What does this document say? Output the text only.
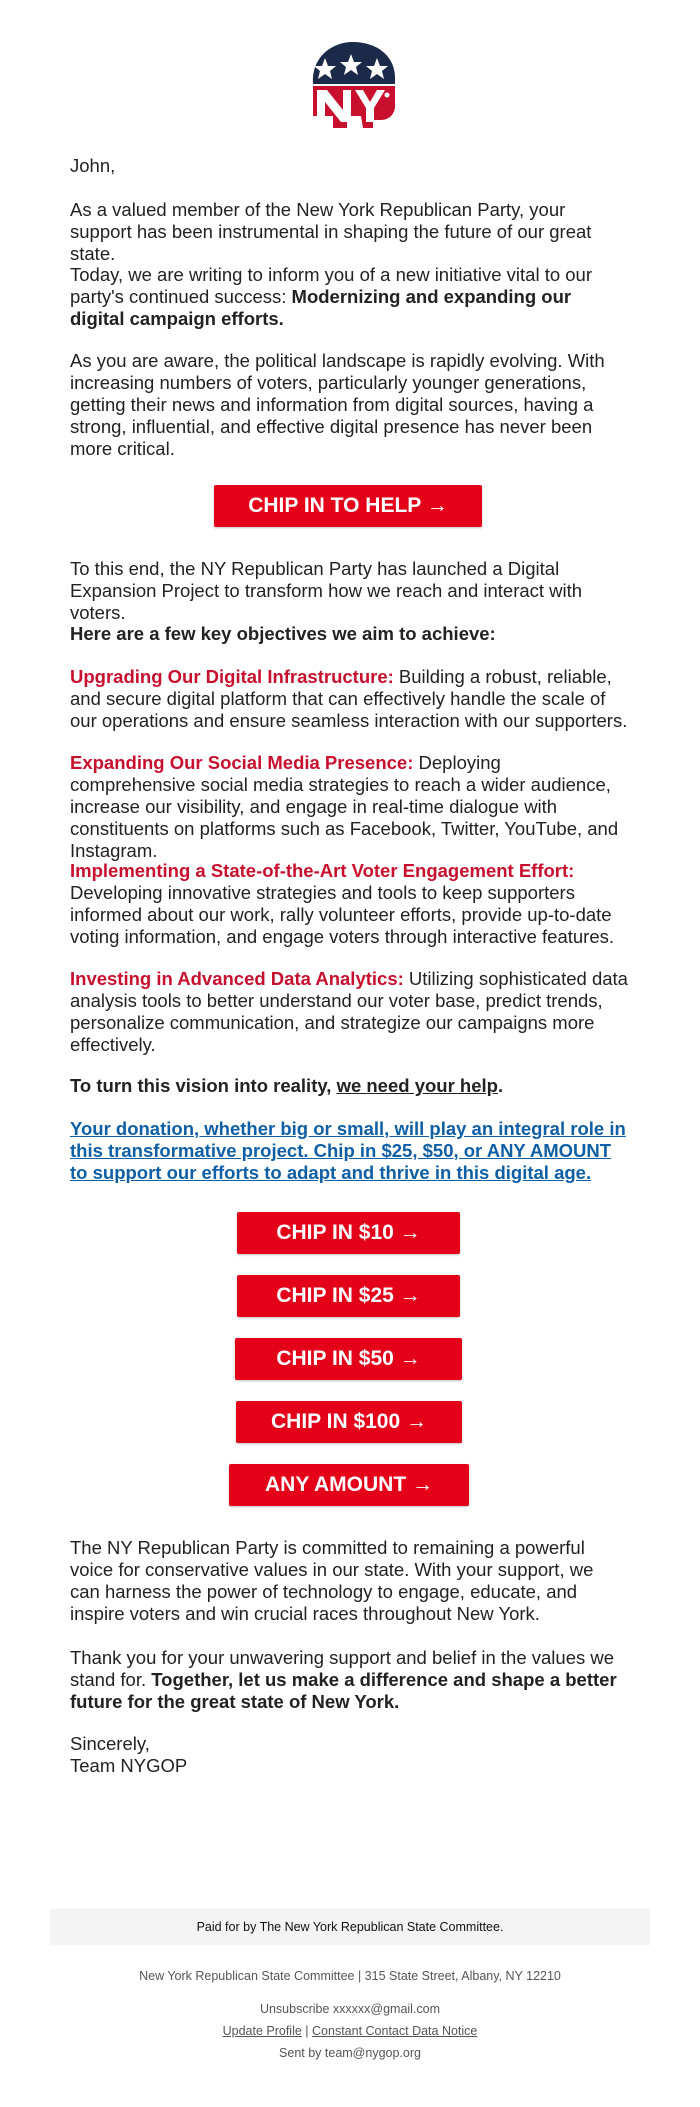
John,

As a valued member of the New York Republican Party, your support has been instrumental in shaping the future of our great state.

Today, we are writing to inform you of a new initiative vital to our party's continued success: Modernizing and expanding our digital campaign efforts.

As you are aware, the political landscape is rapidly evolving. With increasing numbers of voters, particularly younger generations, getting their news and information from digital sources, having a strong, influential, and effective digital presence has never been more critical.

CHIP IN TO HELP →

To this end, the NY Republican Party has launched a Digital Expansion Project to transform how we reach and interact with voters.

Here are a few key objectives we aim to achieve:

Upgrading Our Digital Infrastructure: Building a robust, reliable, and secure digital platform that can effectively handle the scale of our operations and ensure seamless interaction with our supporters.

Expanding Our Social Media Presence: Deploying comprehensive social media strategies to reach a wider audience, increase our visibility, and engage in real-time dialogue with constituents on platforms such as Facebook, Twitter, YouTube, and Instagram.

Implementing a State-of-the-Art Voter Engagement Effort: Developing innovative strategies and tools to keep supporters informed about our work, rally volunteer efforts, provide up-to-date voting information, and engage voters through interactive features.

Investing in Advanced Data Analytics: Utilizing sophisticated data analysis tools to better understand our voter base, predict trends, personalize communication, and strategize our campaigns more effectively.

To turn this vision into reality, we need your help.

Your donation, whether big or small, will play an integral role in this transformative project. Chip in $25, $50, or ANY AMOUNT to support our efforts to adapt and thrive in this digital age.

CHIP IN $10 →
CHIP IN $25 →
CHIP IN $50 →
CHIP IN $100 →
ANY AMOUNT →

The NY Republican Party is committed to remaining a powerful voice for conservative values in our state. With your support, we can harness the power of technology to engage, educate, and inspire voters and win crucial races throughout New York.

Thank you for your unwavering support and belief in the values we stand for. Together, let us make a difference and shape a better future for the great state of New York.

Sincerely,

Team NYGOP

Paid for by The New York Republican State Committee.
New York Republican State Committee | 315 State Street, Albany, NY 12210
Unsubscribe xxxxxx@gmail.com
Update Profile | Constant Contact Data Notice
Sent by team@nygop.org
